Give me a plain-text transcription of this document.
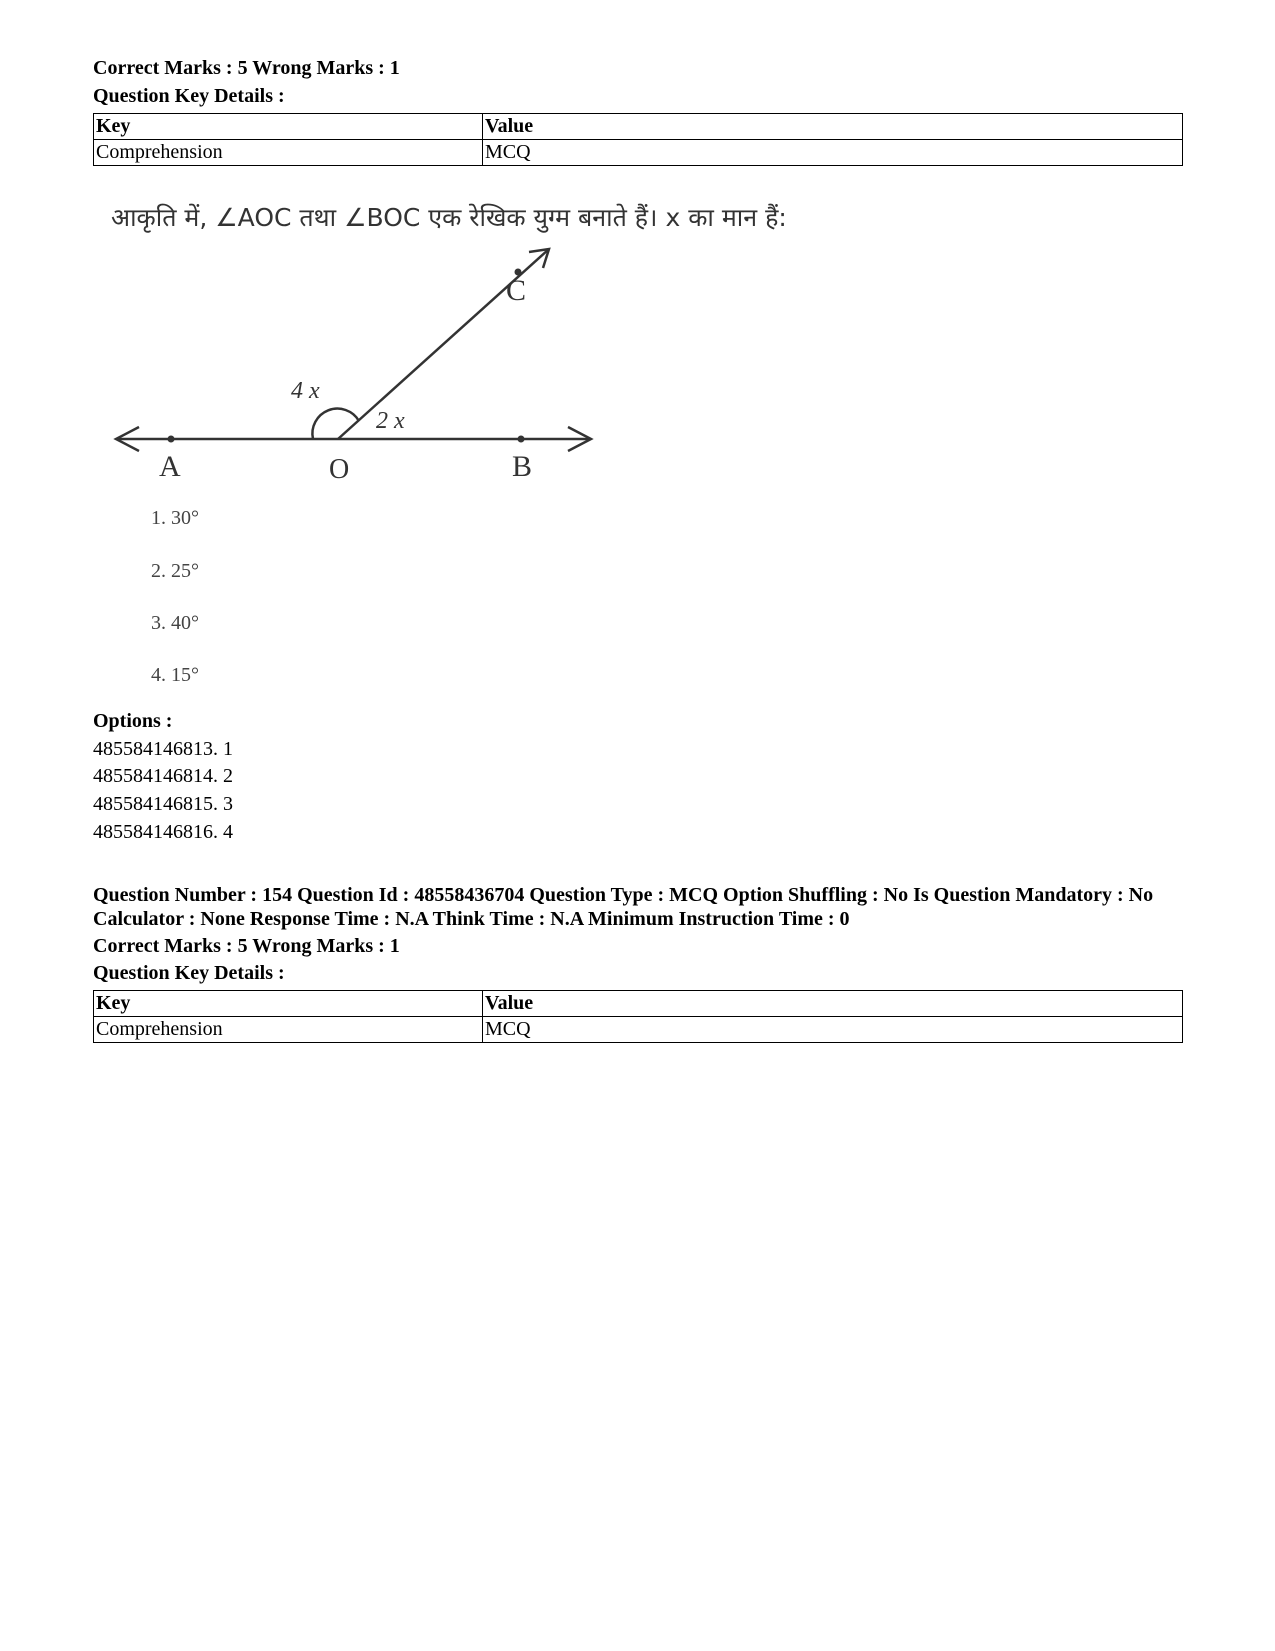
Correct Marks : 5 Wrong Marks : 1
Question Key Details :
Key	Value
Comprehension	MCQ
आकृति में, ∠AOC तथा ∠BOC एक रेखिक युग्म बनाते हैं। x का मान हैं:
A	O	B
C
4 x
2 x
1. 30°
2. 25°
3. 40°
4. 15°
Options :
485584146813. 1
485584146814. 2
485584146815. 3
485584146816. 4
Question Number : 154 Question Id : 48558436704 Question Type : MCQ Option Shuffling : No Is Question Mandatory : No Calculator : None Response Time : N.A Think Time : N.A Minimum Instruction Time : 0
Correct Marks : 5 Wrong Marks : 1
Question Key Details :
Key	Value
Comprehension	MCQ
